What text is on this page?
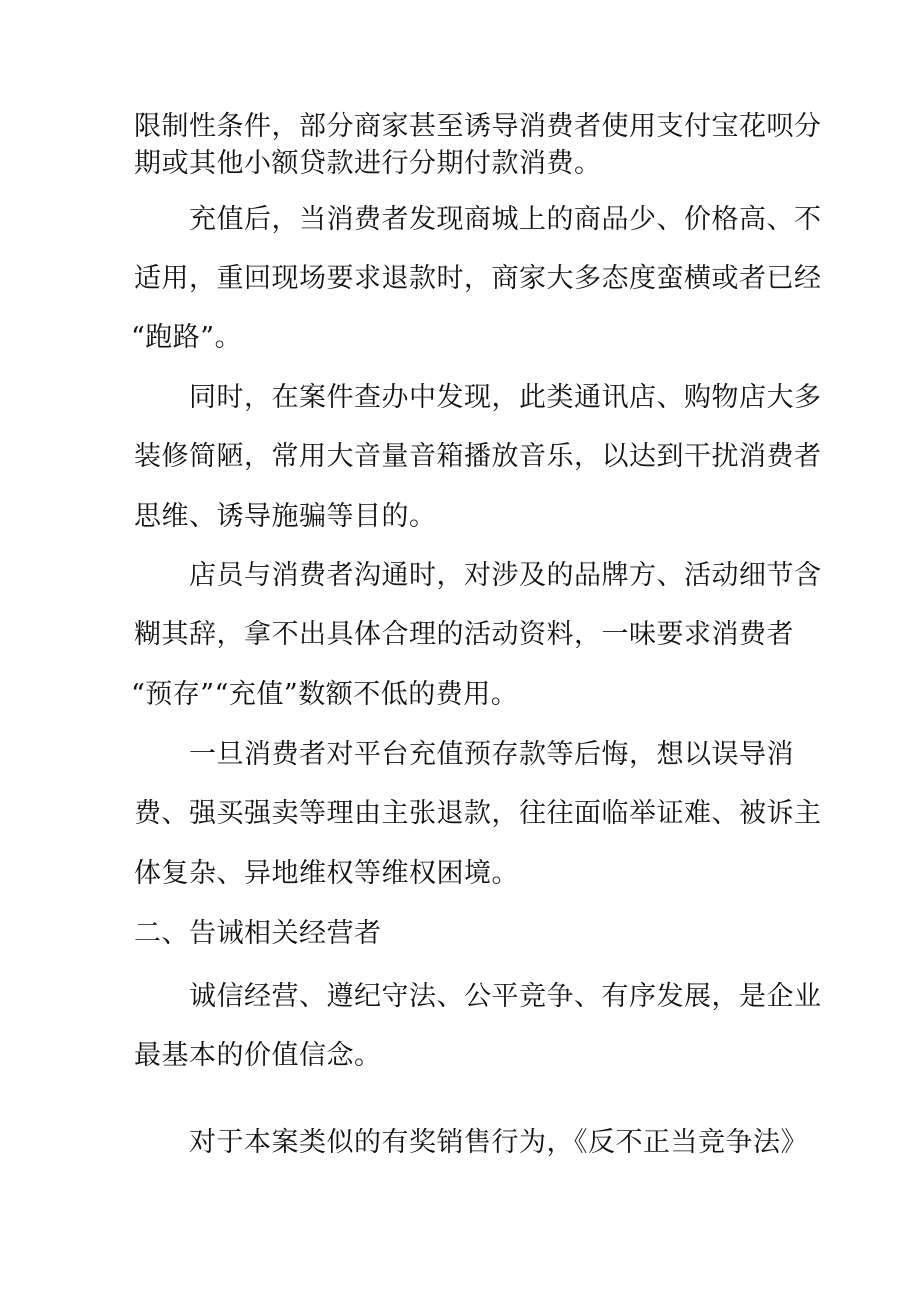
限制性条件，部分商家甚至诱导消费者使用支付宝花呗分
期或其他小额贷款进行分期付款消费。
充值后，当消费者发现商城上的商品少、价格高、不
适用，重回现场要求退款时，商家大多态度蛮横或者已经
“跑路”。
同时，在案件查办中发现，此类通讯店、购物店大多
装修简陋，常用大音量音箱播放音乐，以达到干扰消费者
思维、诱导施骗等目的。
店员与消费者沟通时，对涉及的品牌方、活动细节含
糊其辞，拿不出具体合理的活动资料，一味要求消费者
“预存”“充值”数额不低的费用。
一旦消费者对平台充值预存款等后悔，想以误导消
费、强买强卖等理由主张退款，往往面临举证难、被诉主
体复杂、异地维权等维权困境。
二、告诫相关经营者
诚信经营、遵纪守法、公平竞争、有序发展，是企业
最基本的价值信念。
对于本案类似的有奖销售行为，《反不正当竞争法》
